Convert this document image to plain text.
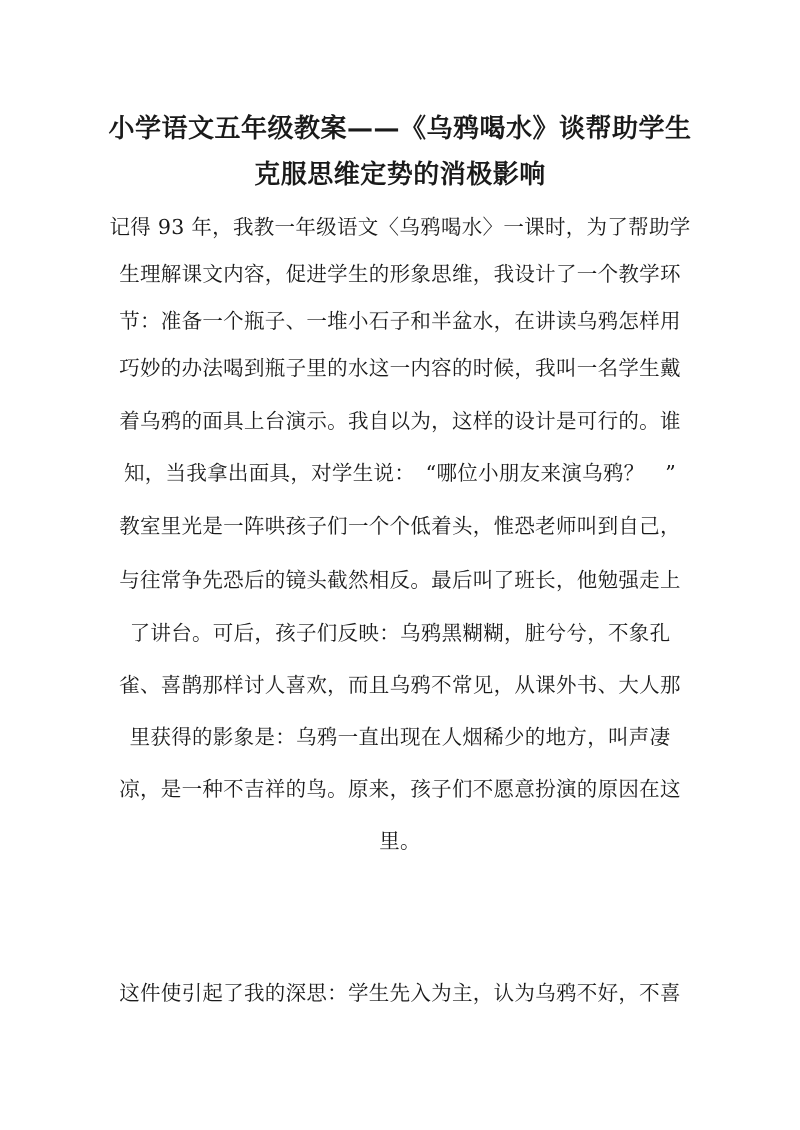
小学语文五年级教案——《乌鸦喝水》谈帮助学生
克服思维定势的消极影响
记得 93 年，我教一年级语文〈乌鸦喝水〉一课时，为了帮助学
生理解课文内容，促进学生的形象思维，我设计了一个教学环
节：准备一个瓶子、一堆小石子和半盆水，在讲读乌鸦怎样用
巧妙的办法喝到瓶子里的水这一内容的时候，我叫一名学生戴
着乌鸦的面具上台演示。我自以为，这样的设计是可行的。谁
知，当我拿出面具，对学生说：　“哪位小朋友来演乌鸦？　”
教室里光是一阵哄孩子们一个个低着头，惟恐老师叫到自己，
与往常争先恐后的镜头截然相反。最后叫了班长，他勉强走上
了讲台。可后，孩子们反映：乌鸦黑糊糊，脏兮兮，不象孔
雀、喜鹊那样讨人喜欢，而且乌鸦不常见，从课外书、大人那
里获得的影象是：乌鸦一直出现在人烟稀少的地方，叫声凄
凉，是一种不吉祥的鸟。原来，孩子们不愿意扮演的原因在这
里。
这件使引起了我的深思：学生先入为主，认为乌鸦不好，不喜
